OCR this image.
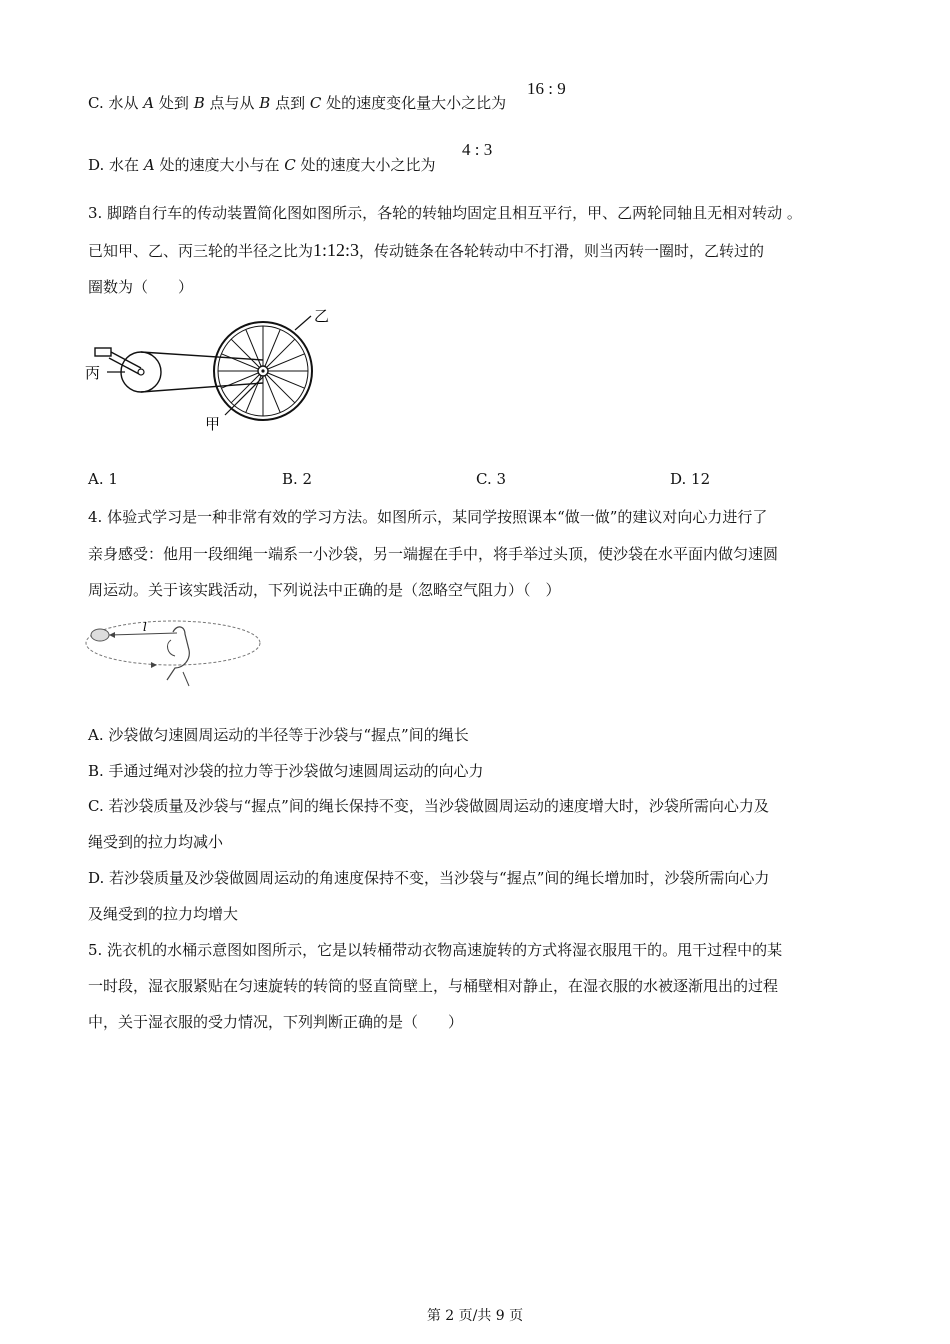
C. 水从 A 处到 B 点与从 B 点到 C 处的速度变化量大小之比为
16 : 9
D. 水在 A 处的速度大小与在 C 处的速度大小之比为
4 : 3
3. 脚踏自行车的传动装置简化图如图所示，各轮的转轴均固定且相互平行，甲、乙两轮同轴且无相对转动 。
已知甲、乙、丙三轮的半径之比为1:12:3，传动链条在各轮转动中不打滑，则当丙转一圈时，乙转过的
圈数为（　　）
丙
乙
甲
A. 1	B. 2	C. 3	D. 12
4. 体验式学习是一种非常有效的学习方法。如图所示，某同学按照课本“做一做”的建议对向心力进行了
亲身感受：他用一段细绳一端系一小沙袋，另一端握在手中，将手举过头顶，使沙袋在水平面内做匀速圆
周运动。关于该实践活动，下列说法中正确的是（忽略空气阻力）（　）
l
A. 沙袋做匀速圆周运动的半径等于沙袋与“握点”间的绳长
B. 手通过绳对沙袋的拉力等于沙袋做匀速圆周运动的向心力
C. 若沙袋质量及沙袋与“握点”间的绳长保持不变，当沙袋做圆周运动的速度增大时，沙袋所需向心力及
绳受到的拉力均减小
D. 若沙袋质量及沙袋做圆周运动的角速度保持不变，当沙袋与“握点”间的绳长增加时，沙袋所需向心力
及绳受到的拉力均增大
5. 洗衣机的水桶示意图如图所示，它是以转桶带动衣物高速旋转的方式将湿衣服甩干的。甩干过程中的某
一时段，湿衣服紧贴在匀速旋转的转筒的竖直筒壁上，与桶壁相对静止，在湿衣服的水被逐渐甩出的过程
中，关于湿衣服的受力情况，下列判断正确的是（　　）
第 2 页/共 9 页
